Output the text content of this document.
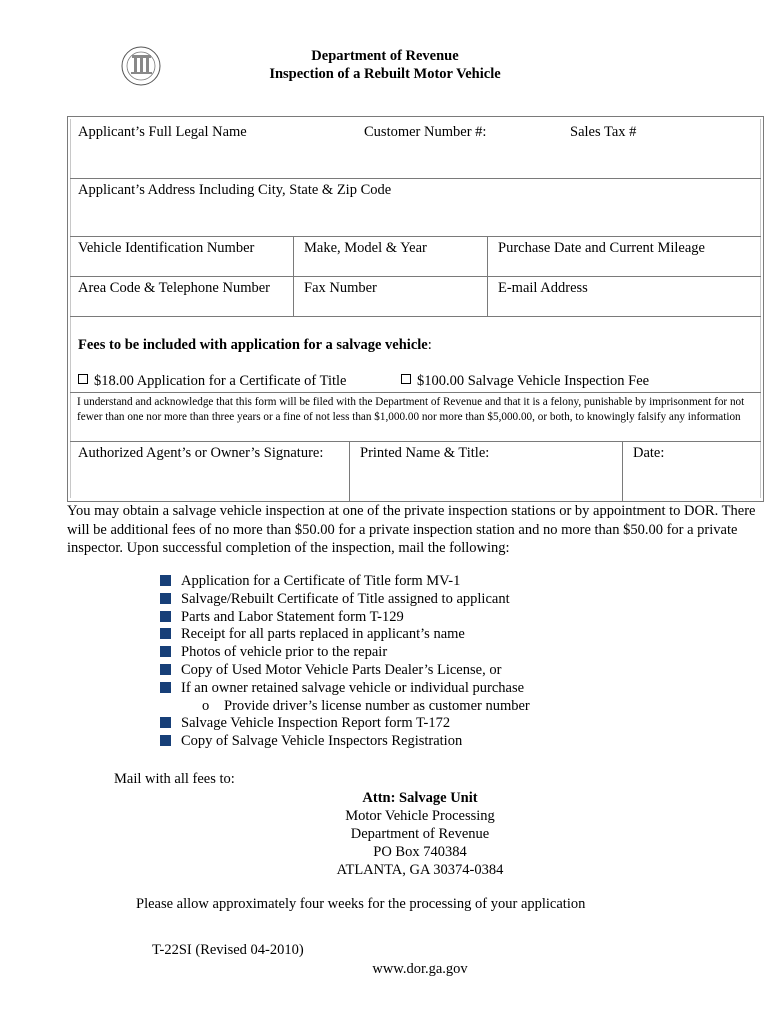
Department of Revenue
Inspection of a Rebuilt Motor Vehicle
Applicant’s Full Legal Name	Customer Number #:	Sales Tax #
Applicant’s Address Including City, State & Zip Code
Vehicle Identification Number	Make, Model & Year	Purchase Date and Current Mileage
Area Code & Telephone Number	Fax Number	E-mail Address
Fees to be included with application for a salvage vehicle:
$18.00 Application for a Certificate of Title	$100.00 Salvage Vehicle Inspection Fee
I understand and acknowledge that this form will be filed with the Department of Revenue and that it is a felony, punishable by imprisonment for not fewer than one nor more than three years or a fine of not less than $1,000.00 nor more than $5,000.00, or both, to knowingly falsify any information
Authorized Agent’s or Owner’s Signature:	Printed Name & Title:	Date:
You may obtain a salvage vehicle inspection at one of the private inspection stations or by appointment to DOR. There will be additional fees of no more than $50.00 for a private inspection station and no more than $50.00 for a private inspector. Upon successful completion of the inspection, mail the following:
Application for a Certificate of Title form MV-1
Salvage/Rebuilt Certificate of Title assigned to applicant
Parts and Labor Statement form T-129
Receipt for all parts replaced in applicant’s name
Photos of vehicle prior to the repair
Copy of Used Motor Vehicle Parts Dealer’s License, or
If an owner retained salvage vehicle or individual purchase
o Provide driver’s license number as customer number
Salvage Vehicle Inspection Report form T-172
Copy of Salvage Vehicle Inspectors Registration
Mail with all fees to:
Attn: Salvage Unit
Motor Vehicle Processing
Department of Revenue
PO Box 740384
ATLANTA, GA 30374-0384
Please allow approximately four weeks for the processing of your application
T-22SI (Revised 04-2010)
www.dor.ga.gov
